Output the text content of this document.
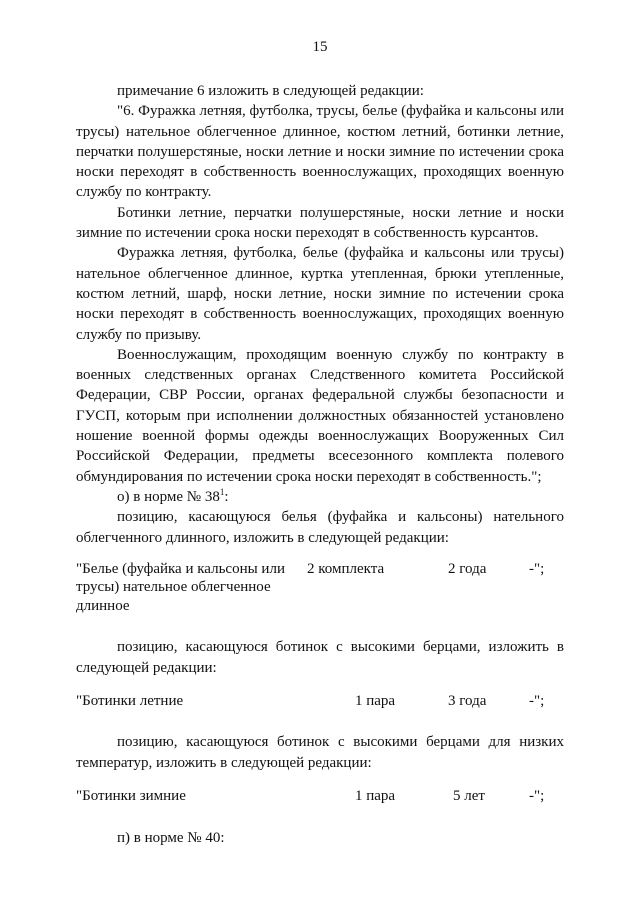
15

примечание 6 изложить в следующей редакции:

"6. Фуражка летняя, футболка, трусы, белье (фуфайка и кальсоны или трусы) нательное облегченное длинное, костюм летний, ботинки летние, перчатки полушерстяные, носки летние и носки зимние по истечении срока носки переходят в собственность военнослужащих, проходящих военную службу по контракту.

Ботинки летние, перчатки полушерстяные, носки летние и носки зимние по истечении срока носки переходят в собственность курсантов.

Фуражка летняя, футболка, белье (фуфайка и кальсоны или трусы) нательное облегченное длинное, куртка утепленная, брюки утепленные, костюм летний, шарф, носки летние, носки зимние по истечении срока носки переходят в собственность военнослужащих, проходящих военную службу по призыву.

Военнослужащим, проходящим военную службу по контракту в военных следственных органах Следственного комитета Российской Федерации, СВР России, органах федеральной службы безопасности и ГУСП, которым при исполнении должностных обязанностей установлено ношение военной формы одежды военнослужащих Вооруженных Сил Российской Федерации, предметы всесезонного комплекта полевого обмундирования по истечении срока носки переходят в собственность.";

о) в норме № $38^1$:

позицию, касающуюся белья (фуфайка и кальсоны) нательного облегченного длинного, изложить в следующей редакции:

"Белье (фуфайка и кальсоны или трусы) нательное облегченное длинное
2 комплекта	2 года	-";

позицию, касающуюся ботинок с высокими берцами, изложить в следующей редакции:

"Ботинки летние	1 пара	3 года	-";

позицию, касающуюся ботинок с высокими берцами для низких температур, изложить в следующей редакции:

"Ботинки зимние	1 пара	5 лет	-";

п) в норме № 40:
